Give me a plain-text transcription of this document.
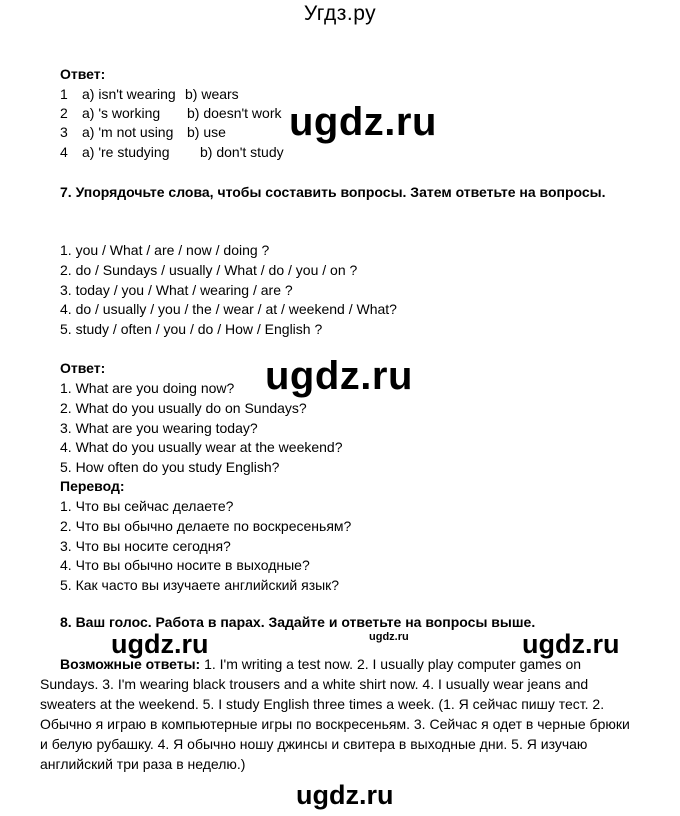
Угдз.ру
Ответ:
1 a) isn't wearing b) wears
2 a) 's working b) doesn't work
3 a) 'm not using b) use
4 a) 're studying b) don't study
ugdz.ru
7. Упорядочьте слова, чтобы составить вопросы. Затем ответьте на вопросы.
1. you / What / are / now / doing ?
2. do / Sundays / usually / What / do / you / on ?
3. today / you / What / wearing / are ?
4. do / usually / you / the / wear / at / weekend / What?
5. study / often / you / do / How / English ?
Ответ:
1. What are you doing now?
2. What do you usually do on Sundays?
3. What are you wearing today?
4. What do you usually wear at the weekend?
5. How often do you study English?
ugdz.ru
Перевод:
1. Что вы сейчас делаете?
2. Что вы обычно делаете по воскресеньям?
3. Что вы носите сегодня?
4. Что вы обычно носите в выходные?
5. Как часто вы изучаете английский язык?
8. Ваш голос. Работа в парах. Задайте и ответьте на вопросы выше.
ugdz.ru	ugdz.ru	ugdz.ru
Возможные ответы: 1. I'm writing a test now. 2. I usually play computer games on Sundays. 3. I'm wearing black trousers and a white shirt now. 4. I usually wear jeans and sweaters at the weekend. 5. I study English three times a week. (1. Я сейчас пишу тест. 2. Обычно я играю в компьютерные игры по воскресеньям. 3. Сейчас я одет в черные брюки и белую рубашку. 4. Я обычно ношу джинсы и свитера в выходные дни. 5. Я изучаю английский три раза в неделю.)
ugdz.ru
